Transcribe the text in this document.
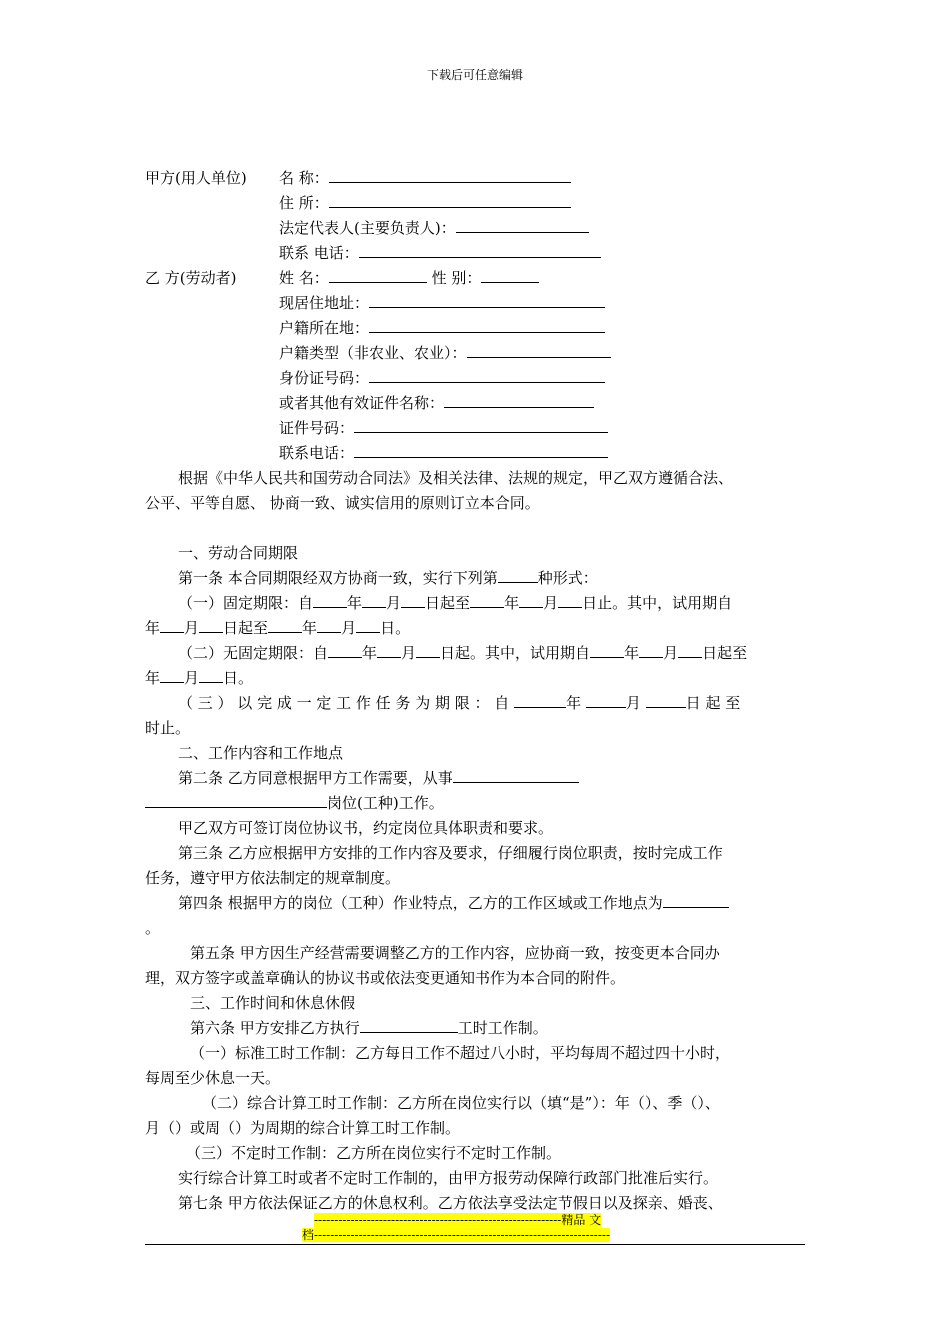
下载后可任意编辑
甲方(用人单位) 名 称：
住 所：
法定代表人(主要负责人)：
联系 电话：
乙 方(劳动者)	姓 名：	性 别：
现居住地址：
户籍所在地：
户籍类型（非农业、农业）：
身份证号码：
或者其他有效证件名称：
证件号码：
联系电话：
根据《中华人民共和国劳动合同法》及相关法律、法规的规定，甲乙双方遵循合法、
公平、平等自愿、 协商一致、诚实信用的原则订立本合同。
一、劳动合同期限
第一条 本合同期限经双方协商一致，实行下列第	种形式：
（一）固定期限：自 年 月 日起至 年 月 日止。其中，试用期自
年 月 日起至 年 月 日。
（二）无固定期限：自 年 月 日起。其中，试用期自 年 月 日起至
年 月 日。
（ 三 ） 以 完 成 一 定 工 作 任 务 为 期 限 ： 自	年	月	日 起 至
时止。
二、工作内容和工作地点
第二条 乙方同意根据甲方工作需要，从事
岗位(工种)工作。
甲乙双方可签订岗位协议书，约定岗位具体职责和要求。
第三条 乙方应根据甲方安排的工作内容及要求，仔细履行岗位职责，按时完成工作
任务，遵守甲方依法制定的规章制度。
第四条 根据甲方的岗位（工种）作业特点，乙方的工作区域或工作地点为
。
第五条 甲方因生产经营需要调整乙方的工作内容，应协商一致，按变更本合同办
理，双方签字或盖章确认的协议书或依法变更通知书作为本合同的附件。
三、工作时间和休息休假
第六条 甲方安排乙方执行	工时工作制。
（一）标准工时工作制：乙方每日工作不超过八小时，平均每周不超过四十小时，
每周至少休息一天。
（二）综合计算工时工作制：乙方所在岗位实行以（填“是”）：年（）、季（）、
月（）或周（）为周期的综合计算工时工作制。
（三）不定时工作制：乙方所在岗位实行不定时工作制。
实行综合计算工时或者不定时工作制的，由甲方报劳动保障行政部门批准后实行。
第七条 甲方依法保证乙方的休息权利。乙方依法享受法定节假日以及探亲、婚丧、
-------------------------------------------------------------精品 文
档-------------------------------------------------------------------------
